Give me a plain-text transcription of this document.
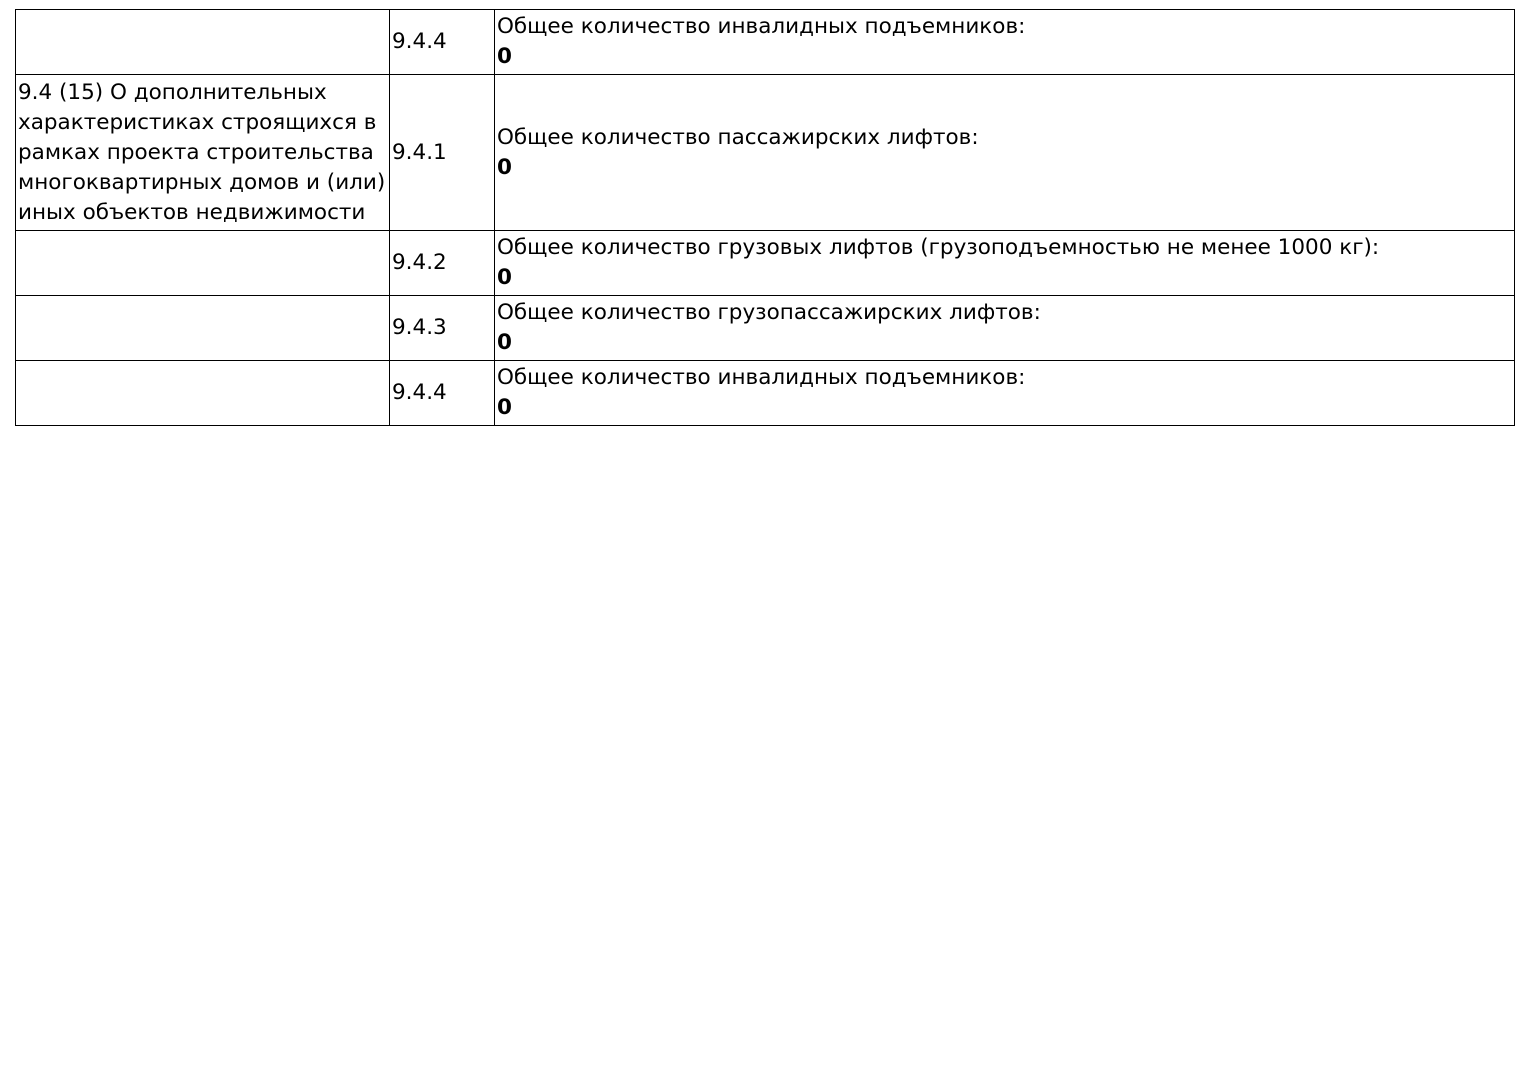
	9.4.4	Общее количество инвалидных подъемников:
0

9.4 (15) О дополнительных характеристиках строящихся в рамках проекта строительства многоквартирных домов и (или) иных объектов недвижимости	9.4.1	Общее количество пассажирских лифтов:
0

	9.4.2	Общее количество грузовых лифтов (грузоподъемностью не менее 1000 кг):
0

	9.4.3	Общее количество грузопассажирских лифтов:
0

	9.4.4	Общее количество инвалидных подъемников:
0
